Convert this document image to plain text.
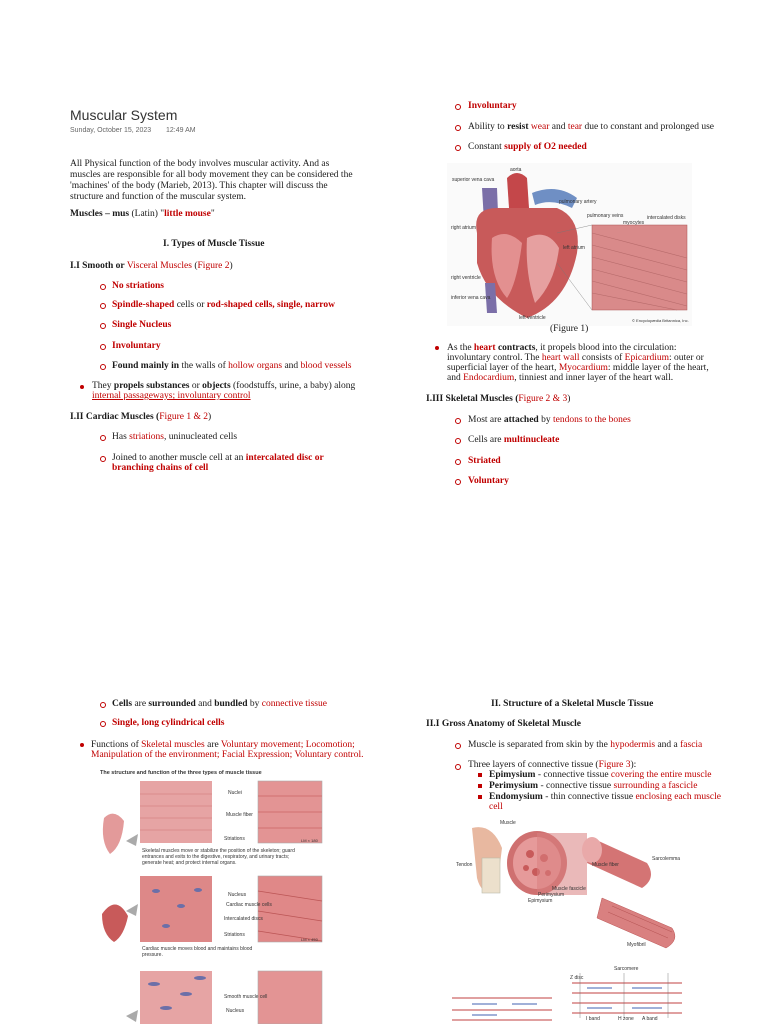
Muscular System
Sunday, October 15, 2023 12:49 AM
All Physical function of the body involves muscular activity. And as muscles are responsible for all body movement they can be considered the 'machines' of the body (Marieb, 2013). This chapter will discuss the structure and function of the muscular system.
Muscles – mus (Latin) "little mouse"
I. Types of Muscle Tissue
I.I Smooth or Visceral Muscles (Figure 2)
No striations
Spindle-shaped cells or rod-shaped cells, single, narrow
Single Nucleus
Involuntary
Found mainly in the walls of hollow organs and blood vessels
They propels substances or objects (foodstuffs, urine, a baby) along
internal passageways; involuntary control
I.II Cardiac Muscles (Figure 1 & 2)
Has striations, uninucleated cells
Joined to another muscle cell at an intercalated disc or
branching chains of cell
Involuntary
Ability to resist wear and tear due to constant and prolonged use
Constant supply of O2 needed
aorta
superior vena cava
pulmonary artery
pulmonary veins
right atrium
left atrium
right ventricle
inferior vena cava
left ventricle
intercalated disks
myocytes
© Encyclopædia Britannica, Inc.
(Figure 1)
As the heart contracts, it propels blood into the circulation:
involuntary control. The heart wall consists of Epicardium: outer or
superficial layer of the heart, Myocardium: middle layer of the heart,
and Endocardium, tinniest and inner layer of the heart wall.
I.III Skeletal Muscles (Figure 2 & 3)
Most are attached by tendons to the bones
Cells are multinucleate
Striated
Voluntary
Cells are surrounded and bundled by connective tissue
Single, long cylindrical cells
Functions of Skeletal muscles are Voluntary movement; Locomotion;
Manipulation of the environment; Facial Expression; Voluntary control.
The structure and function of the three types of muscle tissue
Nuclei
Muscle fiber
Striations	LM × 180
Skeletal muscles move or stabilize the position of the skeleton; guard entrances and exits to the digestive, respiratory, and urinary tracts; generate heat; and protect internal organs.
Nucleus
Cardiac muscle cells
Intercalated discs
Striations
LM × 450
Cardiac muscle moves blood and maintains blood pressure.
Smooth muscle cell
Nucleus
II. Structure of a Skeletal Muscle Tissue
II.I Gross Anatomy of Skeletal Muscle
Muscle is separated from skin by the hypodermis and a fascia
Three layers of connective tissue (Figure 3):
Epimysium - connective tissue covering the entire muscle
Perimysium - connective tissue surrounding a fascicle
Endomysium - thin connective tissue enclosing each muscle
cell
Muscle
Tendon
Muscle fascicle
Perimysium
Epimysium
Muscle fiber
Sarcolemma
Myofibril
Sarcomere
Z disc
H zone
I band	A band
